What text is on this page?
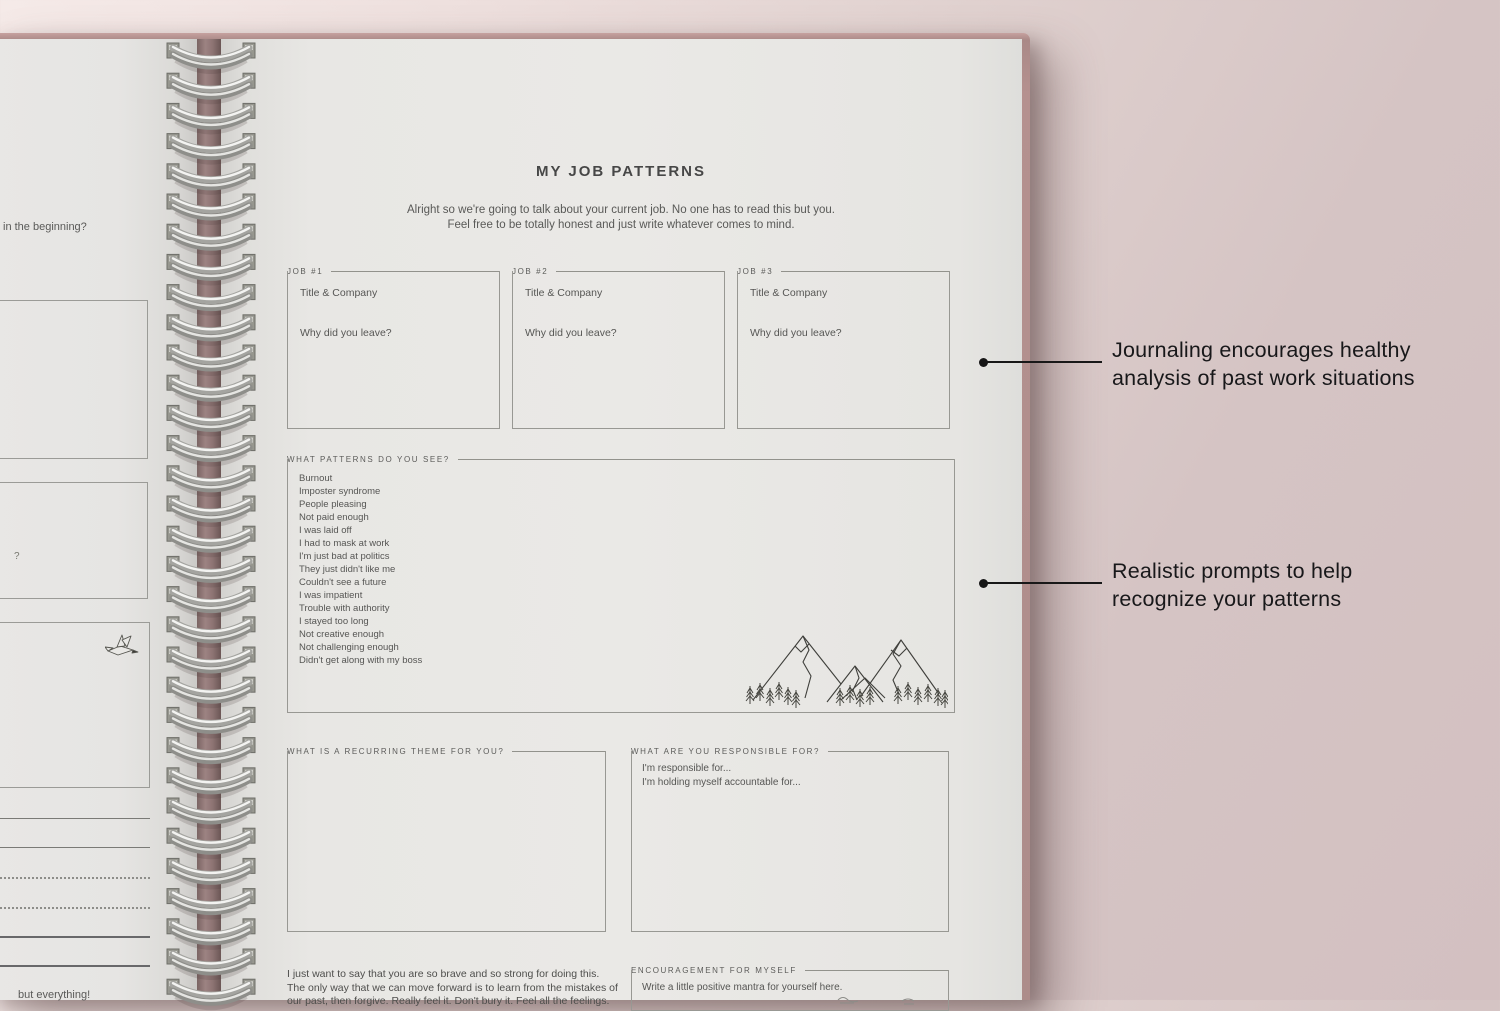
in the beginning?
?
but everything!
MY JOB PATTERNS
Alright so we're going to talk about your current job. No one has to read this but you.
Feel free to be totally honest and just write whatever comes to mind.
JOB #1
Title & Company
Why did you leave?
JOB #2
Title & Company
Why did you leave?
JOB #3
Title & Company
Why did you leave?
WHAT PATTERNS DO YOU SEE?
Burnout
Imposter syndrome
People pleasing
Not paid enough
I was laid off
I had to mask at work
I'm just bad at politics
They just didn't like me
Couldn't see a future
I was impatient
Trouble with authority
I stayed too long
Not creative enough
Not challenging enough
Didn't get along with my boss
WHAT IS A RECURRING THEME FOR YOU?	WHAT ARE YOU RESPONSIBLE FOR?
I'm responsible for...
I'm holding myself accountable for...
I just want to say that you are so brave and so strong for doing this.
The only way that we can move forward is to learn from the mistakes of
our past, then forgive. Really feel it. Don't bury it. Feel all the feelings.
ENCOURAGEMENT FOR MYSELF
Write a little positive mantra for yourself here.
Journaling encourages healthy
analysis of past work situations
Realistic prompts to help
recognize your patterns
